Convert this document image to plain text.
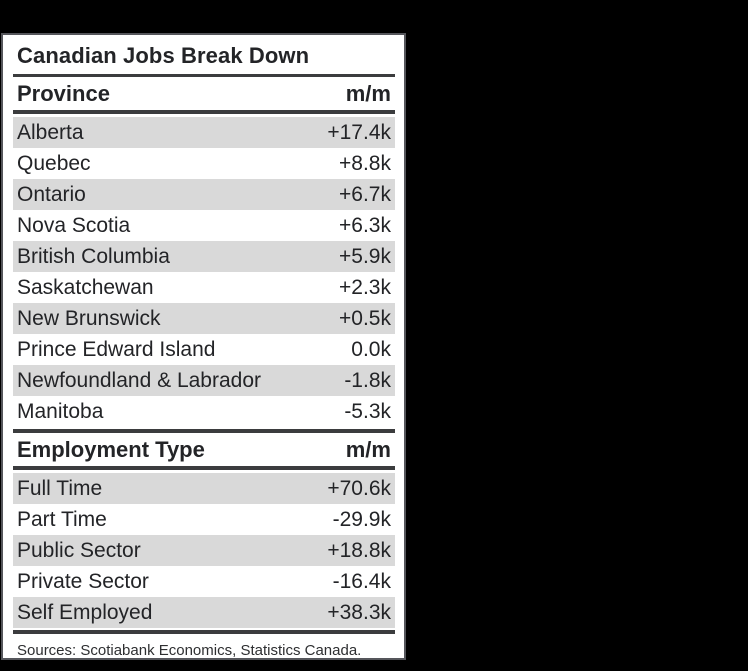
Canadian Jobs Break Down
Province	m/m
Alberta	+17.4k
Quebec	+8.8k
Ontario	+6.7k
Nova Scotia	+6.3k
British Columbia	+5.9k
Saskatchewan	+2.3k
New Brunswick	+0.5k
Prince Edward Island	0.0k
Newfoundland & Labrador	-1.8k
Manitoba	-5.3k
Employment Type	m/m
Full Time	+70.6k
Part Time	-29.9k
Public Sector	+18.8k
Private Sector	-16.4k
Self Employed	+38.3k
Sources: Scotiabank Economics, Statistics Canada.
